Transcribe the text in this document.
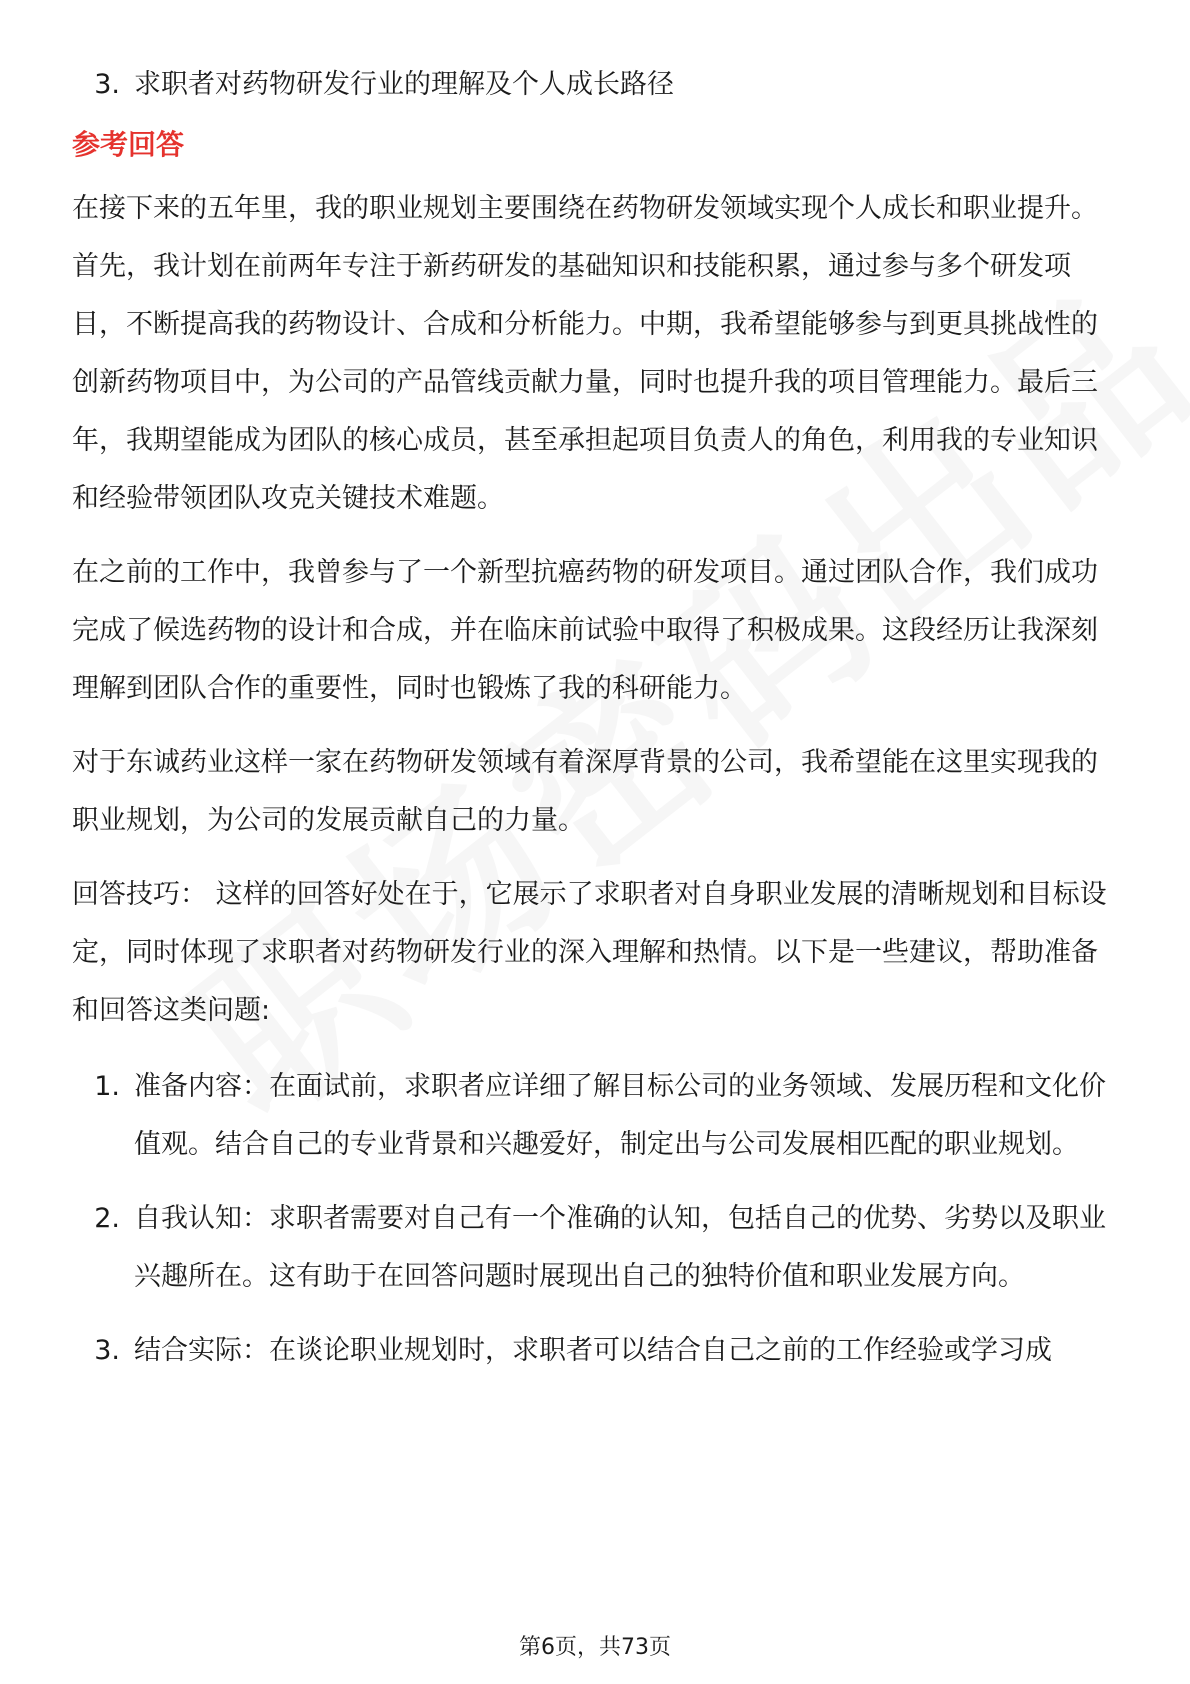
3. 求职者对药物研发行业的理解及个人成长路径
参考回答

在接下来的五年里，我的职业规划主要围绕在药物研发领域实现个人成长和职业提升。首先，我计划在前两年专注于新药研发的基础知识和技能积累，通过参与多个研发项目，不断提高我的药物设计、合成和分析能力。中期，我希望能够参与到更具挑战性的创新药物项目中，为公司的产品管线贡献力量，同时也提升我的项目管理能力。最后三年，我期望能成为团队的核心成员，甚至承担起项目负责人的角色，利用我的专业知识和经验带领团队攻克关键技术难题。

在之前的工作中，我曾参与了一个新型抗癌药物的研发项目。通过团队合作，我们成功完成了候选药物的设计和合成，并在临床前试验中取得了积极成果。这段经历让我深刻理解到团队合作的重要性，同时也锻炼了我的科研能力。

对于东诚药业这样一家在药物研发领域有着深厚背景的公司，我希望能在这里实现我的职业规划，为公司的发展贡献自己的力量。

回答技巧： 这样的回答好处在于，它展示了求职者对自身职业发展的清晰规划和目标设定，同时体现了求职者对药物研发行业的深入理解和热情。以下是一些建议，帮助准备和回答这类问题:

1. 准备内容：在面试前，求职者应详细了解目标公司的业务领域、发展历程和文化价值观。结合自己的专业背景和兴趣爱好，制定出与公司发展相匹配的职业规划。
2. 自我认知：求职者需要对自己有一个准确的认知，包括自己的优势、劣势以及职业兴趣所在。这有助于在回答问题时展现出自己的独特价值和职业发展方向。
3. 结合实际：在谈论职业规划时，求职者可以结合自己之前的工作经验或学习成
第6页，共73页
